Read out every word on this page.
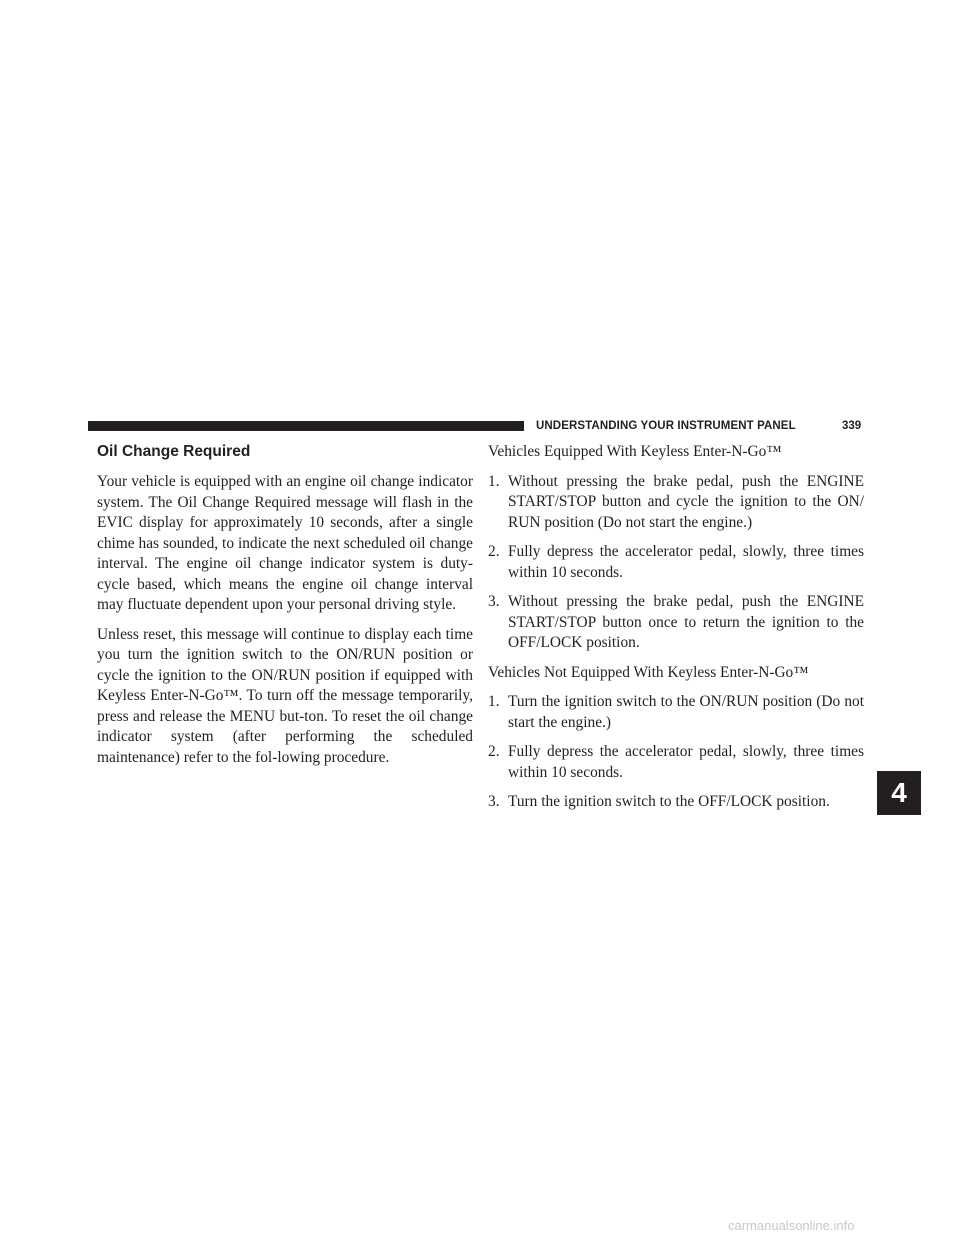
UNDERSTANDING YOUR INSTRUMENT PANEL	339
Oil Change Required

Your vehicle is equipped with an engine oil change indicator system. The Oil Change Required message will flash in the EVIC display for approximately 10 seconds, after a single chime has sounded, to indicate the next scheduled oil change interval. The engine oil change indicator system is duty-cycle based, which means the engine oil change interval may fluctuate dependent upon your personal driving style.

Unless reset, this message will continue to display each time you turn the ignition switch to the ON/RUN position or cycle the ignition to the ON/RUN position if equipped with Keyless Enter-N-Go™. To turn off the message temporarily, press and release the MENU but-ton. To reset the oil change indicator system (after performing the scheduled maintenance) refer to the fol-lowing procedure.

Vehicles Equipped With Keyless Enter-N-Go™
1. Without pressing the brake pedal, push the ENGINE START/STOP button and cycle the ignition to the ON/ RUN position (Do not start the engine.)
2. Fully depress the accelerator pedal, slowly, three times within 10 seconds.
3. Without pressing the brake pedal, push the ENGINE START/STOP button once to return the ignition to the OFF/LOCK position.
Vehicles Not Equipped With Keyless Enter-N-Go™
1. Turn the ignition switch to the ON/RUN position (Do not start the engine.)
2. Fully depress the accelerator pedal, slowly, three times within 10 seconds.
3. Turn the ignition switch to the OFF/LOCK position.	4
carmanualsonline.info
